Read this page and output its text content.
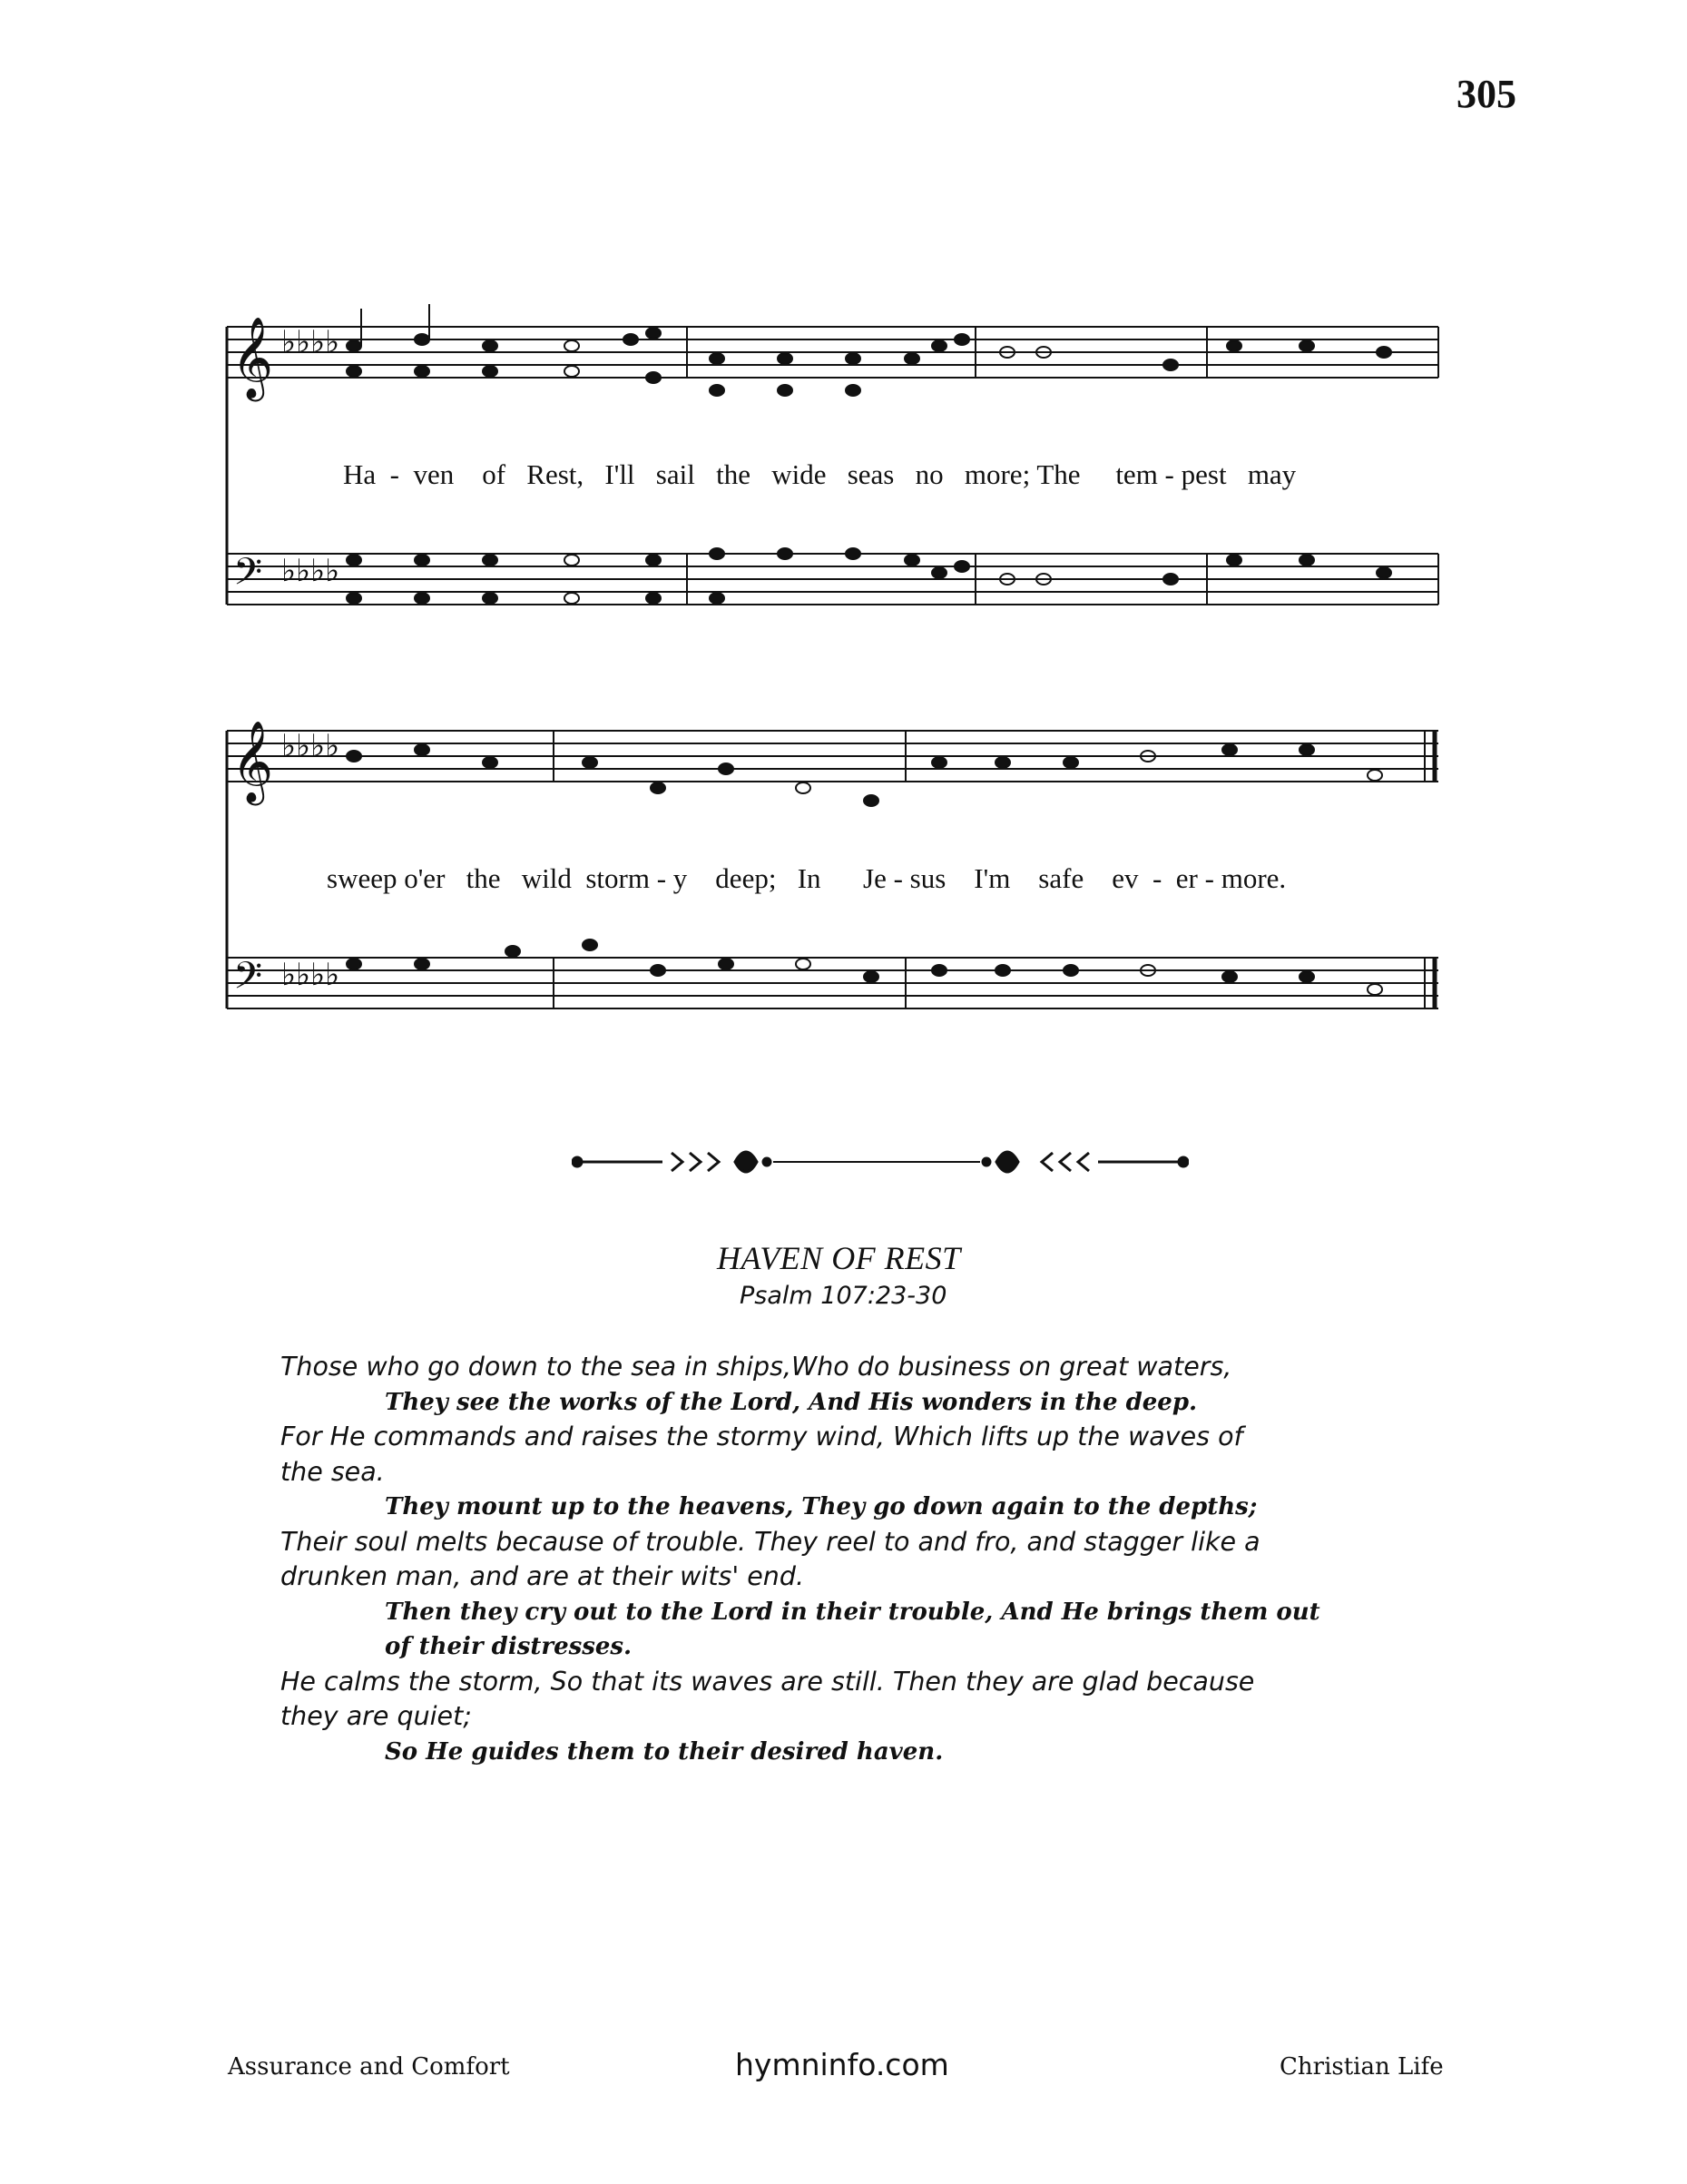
305
𝄞
𝄢
𝄞
𝄢
♭♭♭♭
♭♭♭♭
♭♭♭♭
♭♭♭♭
Ha  -  ven    of   Rest,   I'll   sail   the   wide   seas   no   more; The     tem - pest   may
sweep o'er   the   wild  storm - y    deep;   In      Je - sus    I'm    safe    ev  -  er - more.
HAVEN OF REST
Psalm 107:23-30
Those who go down to the sea in ships,Who do business on great waters,
They see the works of the Lord, And His wonders in the deep.
For He commands and raises the stormy wind, Which lifts up the waves of
the sea.
They mount up to the heavens, They go down again to the depths;
Their soul melts because of trouble. They reel to and fro, and stagger like a
drunken man, and are at their wits' end.
Then they cry out to the Lord in their trouble, And He brings them out
of their distresses.
He calms the storm, So that its waves are still. Then they are glad because
they are quiet;
So He guides them to their desired haven.
Assurance and Comfort	hymninfo.com	Christian Life
